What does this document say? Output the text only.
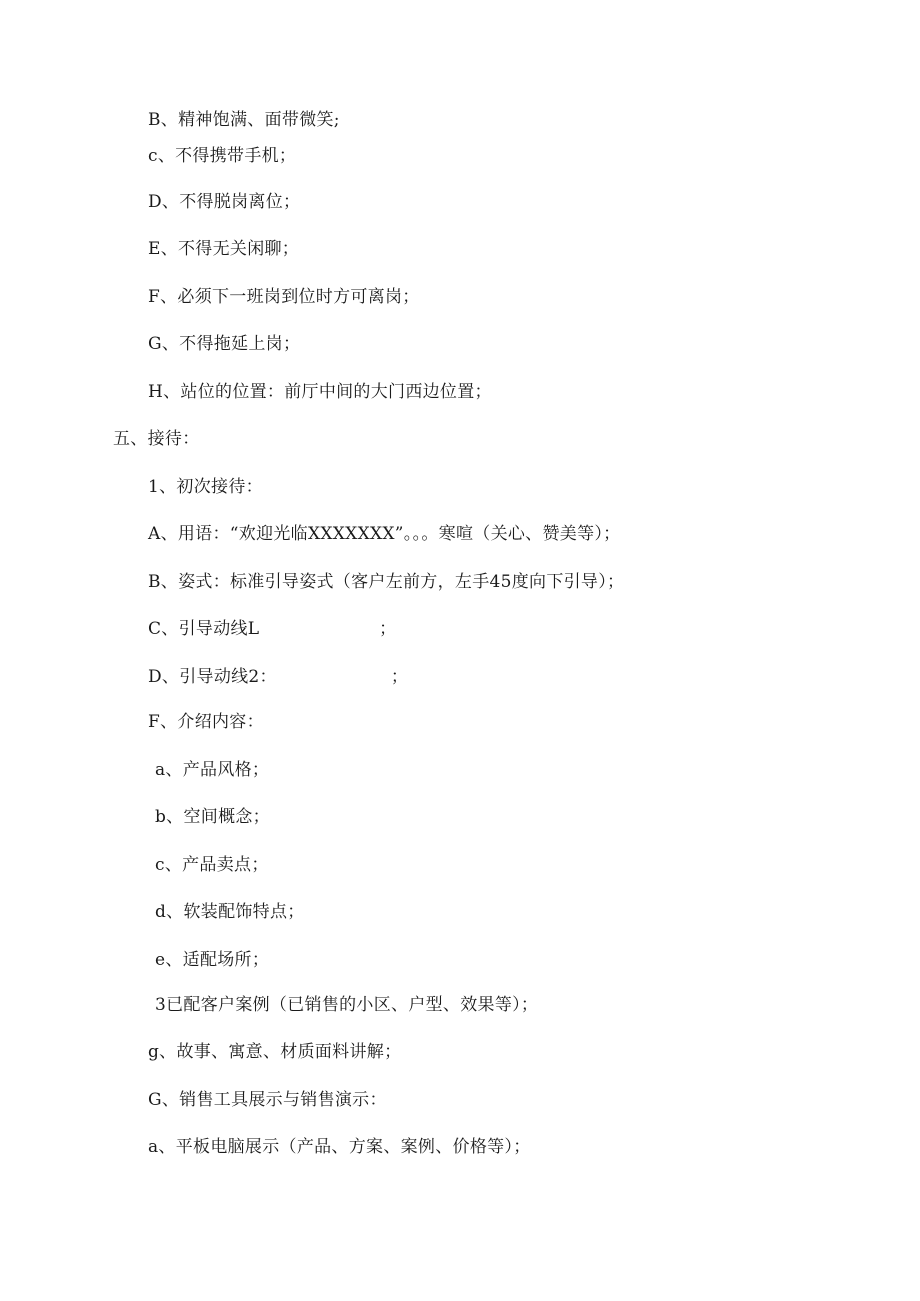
B、精神饱满、面带微笑;
c、不得携带手机；
D、不得脱岗离位；
E、不得无关闲聊；
F、必须下一班岗到位时方可离岗；
G、不得拖延上岗；
H、站位的位置：前厅中间的大门西边位置；
五、接待：
1、初次接待：
A、用语：“欢迎光临XXXXXXX”。。。寒喧（关心、赞美等）；
B、姿式：标准引导姿式（客户左前方，左手45度向下引导）；
C、引导动线L                     ；
D、引导动线2：                    ；
F、介绍内容：
a、产品风格；
b、空间概念；
c、产品卖点；
d、软装配饰特点；
e、适配场所；
3已配客户案例（已销售的小区、户型、效果等）；
g、故事、寓意、材质面料讲解；
G、销售工具展示与销售演示：
a、平板电脑展示（产品、方案、案例、价格等）；
